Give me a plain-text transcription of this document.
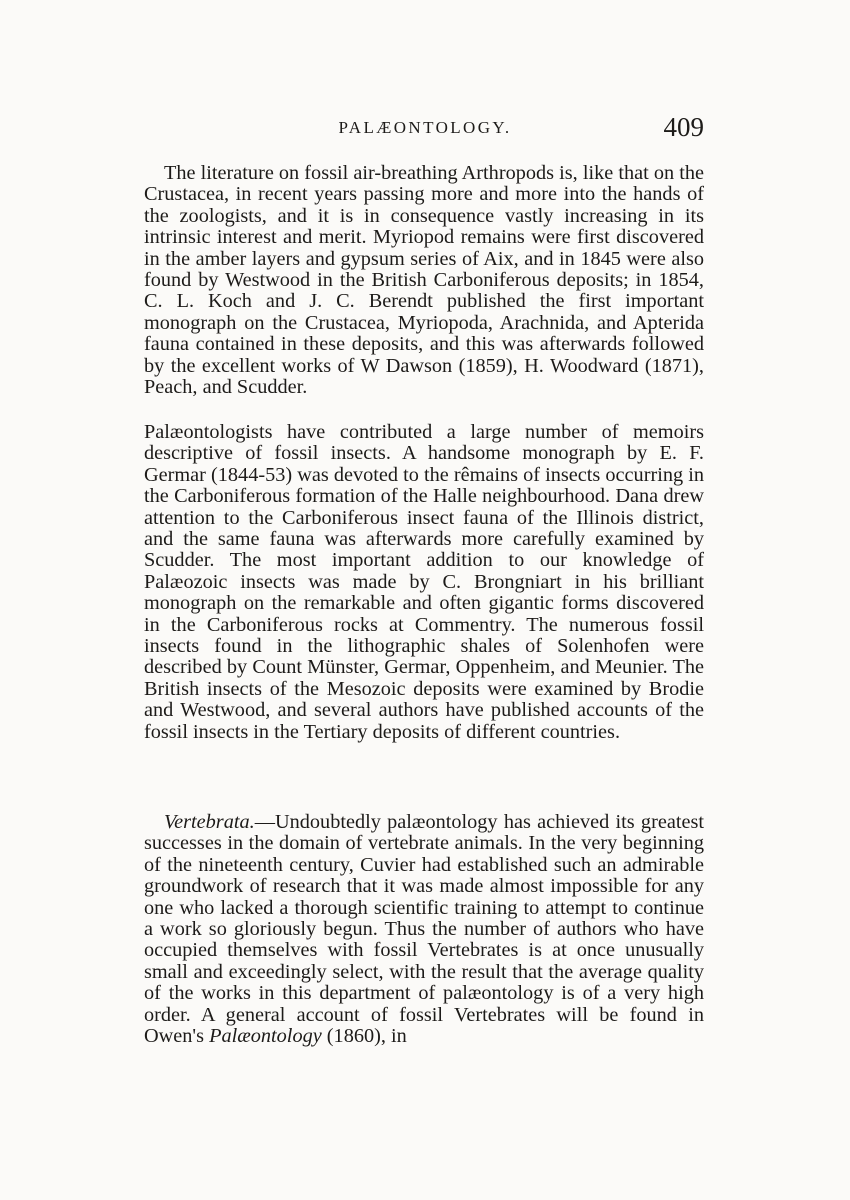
PALÆONTOLOGY.	409

The literature on fossil air-breathing Arthropods is, like that on the Crustacea, in recent years passing more and more into the hands of the zoologists, and it is in consequence vastly increasing in its intrinsic interest and merit. Myriopod remains were first discovered in the amber layers and gypsum series of Aix, and in 1845 were also found by Westwood in the British Carboniferous deposits; in 1854, C. L. Koch and J. C. Berendt published the first important monograph on the Crustacea, Myriopoda, Arachnida, and Apterida fauna contained in these deposits, and this was afterwards followed by the excellent works of W Dawson (1859), H. Woodward (1871), Peach, and Scudder.

Palæontologists have contributed a large number of memoirs descriptive of fossil insects. A handsome monograph by E. F. Germar (1844-53) was devoted to the rêmains of insects occurring in the Carboniferous formation of the Halle neighbourhood. Dana drew attention to the Carboniferous insect fauna of the Illinois district, and the same fauna was afterwards more carefully examined by Scudder. The most important addition to our knowledge of Palæozoic insects was made by C. Brongniart in his brilliant monograph on the remarkable and often gigantic forms discovered in the Carboniferous rocks at Commentry. The numerous fossil insects found in the lithographic shales of Solenhofen were described by Count Münster, Germar, Oppenheim, and Meunier. The British insects of the Mesozoic deposits were examined by Brodie and Westwood, and several authors have published accounts of the fossil insects in the Tertiary deposits of different countries.

Vertebrata.—Undoubtedly palæontology has achieved its greatest successes in the domain of vertebrate animals. In the very beginning of the nineteenth century, Cuvier had established such an admirable groundwork of research that it was made almost impossible for any one who lacked a thorough scientific training to attempt to continue a work so gloriously begun. Thus the number of authors who have occupied themselves with fossil Vertebrates is at once unusually small and exceedingly select, with the result that the average quality of the works in this department of palæontology is of a very high order. A general account of fossil Vertebrates will be found in Owen's Palæontology (1860), in
